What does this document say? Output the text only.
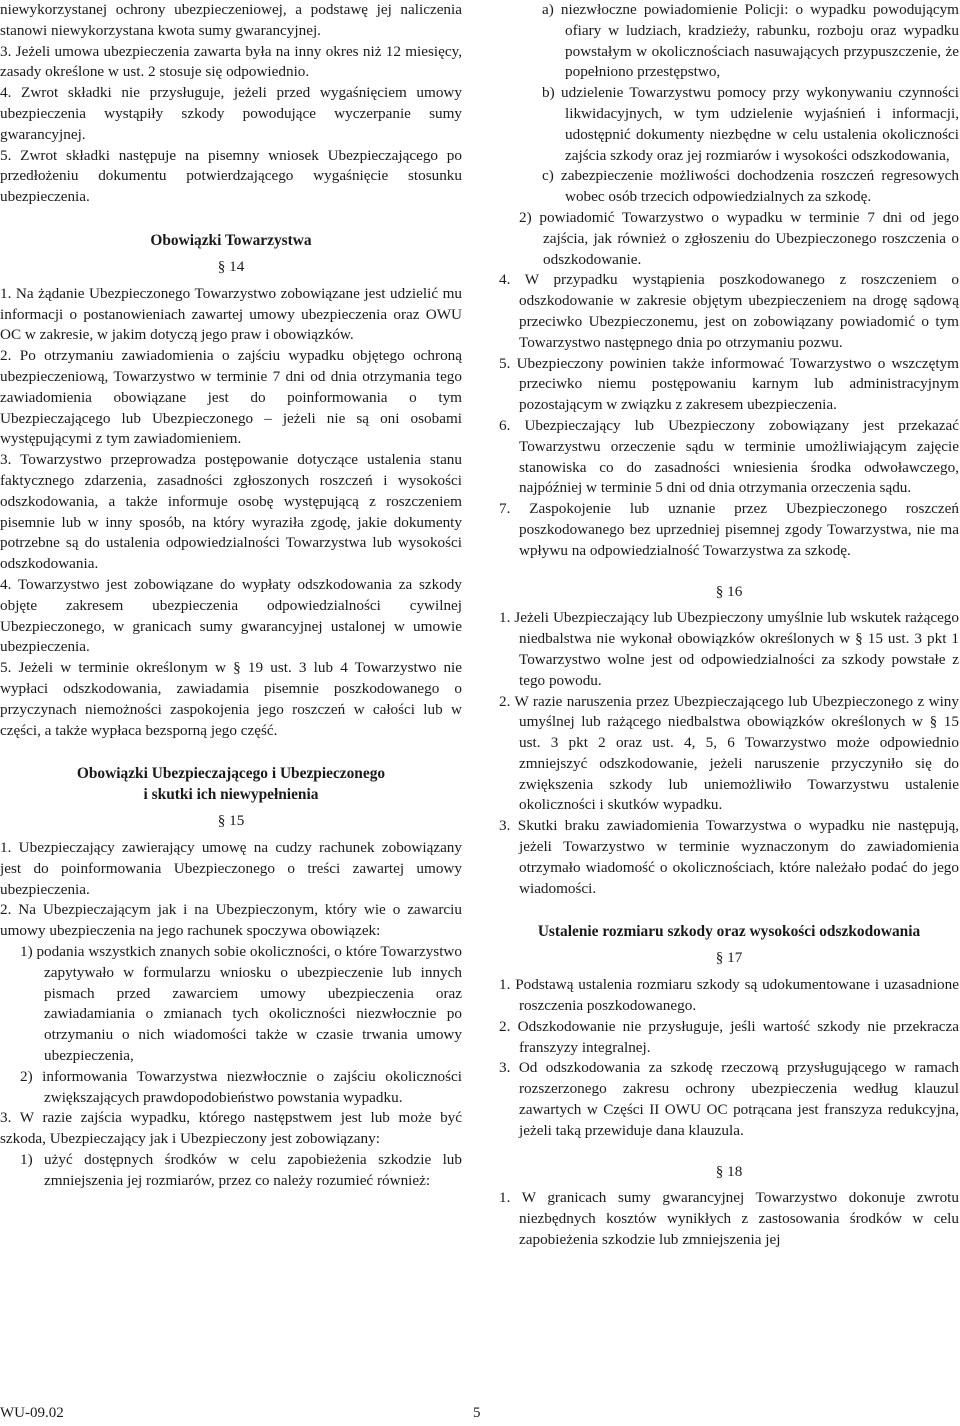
niewykorzystanej ochrony ubezpieczeniowej, a podstawę jej naliczenia stanowi niewykorzystana kwota sumy gwarancyjnej.

3. Jeżeli umowa ubezpieczenia zawarta była na inny okres niż 12 miesięcy, zasady określone w ust. 2 stosuje się odpowiednio.

4. Zwrot składki nie przysługuje, jeżeli przed wygaśnięciem umowy ubezpieczenia wystąpiły szkody powodujące wyczerpanie sumy gwarancyjnej.

5. Zwrot składki następuje na pisemny wniosek Ubezpieczającego po przedłożeniu dokumentu potwierdzającego wygaśnięcie stosunku ubezpieczenia.

Obowiązki Towarzystwa
§ 14

1. Na żądanie Ubezpieczonego Towarzystwo zobowiązane jest udzielić mu informacji o postanowieniach zawartej umowy ubezpieczenia oraz OWU OC w zakresie, w jakim dotyczą jego praw i obowiązków.

2. Po otrzymaniu zawiadomienia o zajściu wypadku objętego ochroną ubezpieczeniową, Towarzystwo w terminie 7 dni od dnia otrzymania tego zawiadomienia obowiązane jest do poinformowania o tym Ubezpieczającego lub Ubezpieczonego – jeżeli nie są oni osobami występującymi z tym zawiadomieniem.

3. Towarzystwo przeprowadza postępowanie dotyczące ustalenia stanu faktycznego zdarzenia, zasadności zgłoszonych roszczeń i wysokości odszkodowania, a także informuje osobę występującą z roszczeniem pisemnie lub w inny sposób, na który wyraziła zgodę, jakie dokumenty potrzebne są do ustalenia odpowiedzialności Towarzystwa lub wysokości odszkodowania.

4. Towarzystwo jest zobowiązane do wypłaty odszkodowania za szkody objęte zakresem ubezpieczenia odpowiedzialności cywilnej Ubezpieczonego, w granicach sumy gwarancyjnej ustalonej w umowie ubezpieczenia.

5. Jeżeli w terminie określonym w § 19 ust. 3 lub 4 Towarzystwo nie wypłaci odszkodowania, zawiadamia pisemnie poszkodowanego o przyczynach niemożności zaspokojenia jego roszczeń w całości lub w części, a także wypłaca bezsporną jego część.

Obowiązki Ubezpieczającego i Ubezpieczonego
i skutki ich niewypełnienia
§ 15

1. Ubezpieczający zawierający umowę na cudzy rachunek zobowiązany jest do poinformowania Ubezpieczonego o treści zawartej umowy ubezpieczenia.

2. Na Ubezpieczającym jak i na Ubezpieczonym, który wie o zawarciu umowy ubezpieczenia na jego rachunek spoczywa obowiązek:

1) podania wszystkich znanych sobie okoliczności, o które Towarzystwo zapytywało w formularzu wniosku o ubezpieczenie lub innych pismach przed zawarciem umowy ubezpieczenia oraz zawiadamiania o zmianach tych okoliczności niezwłocznie po otrzymaniu o nich wiadomości także w czasie trwania umowy ubezpieczenia,

2) informowania Towarzystwa niezwłocznie o zajściu okoliczności zwiększających prawdopodobieństwo powstania wypadku.

3. W razie zajścia wypadku, którego następstwem jest lub może być szkoda, Ubezpieczający jak i Ubezpieczony jest zobowiązany:

1) użyć dostępnych środków w celu zapobieżenia szkodzie lub zmniejszenia jej rozmiarów, przez co należy rozumieć również:

a) niezwłoczne powiadomienie Policji: o wypadku powodującym ofiary w ludziach, kradzieży, rabunku, rozboju oraz wypadku powstałym w okolicznościach nasuwających przypuszczenie, że popełniono przestępstwo,

b) udzielenie Towarzystwu pomocy przy wykonywaniu czynności likwidacyjnych, w tym udzielenie wyjaśnień i informacji, udostępnić dokumenty niezbędne w celu ustalenia okoliczności zajścia szkody oraz jej rozmiarów i wysokości odszkodowania,

c) zabezpieczenie możliwości dochodzenia roszczeń regresowych wobec osób trzecich odpowiedzialnych za szkodę.

2) powiadomić Towarzystwo o wypadku w terminie 7 dni od jego zajścia, jak również o zgłoszeniu do Ubezpieczonego roszczenia o odszkodowanie.

4. W przypadku wystąpienia poszkodowanego z roszczeniem o odszkodowanie w zakresie objętym ubezpieczeniem na drogę sądową przeciwko Ubezpieczonemu, jest on zobowiązany powiadomić o tym Towarzystwo następnego dnia po otrzymaniu pozwu.

5. Ubezpieczony powinien także informować Towarzystwo o wszczętym przeciwko niemu postępowaniu karnym lub administracyjnym pozostającym w związku z zakresem ubezpieczenia.

6. Ubezpieczający lub Ubezpieczony zobowiązany jest przekazać Towarzystwu orzeczenie sądu w terminie umożliwiającym zajęcie stanowiska co do zasadności wniesienia środka odwoławczego, najpóźniej w terminie 5 dni od dnia otrzymania orzeczenia sądu.

7. Zaspokojenie lub uznanie przez Ubezpieczonego roszczeń poszkodowanego bez uprzedniej pisemnej zgody Towarzystwa, nie ma wpływu na odpowiedzialność Towarzystwa za szkodę.

§ 16

1. Jeżeli Ubezpieczający lub Ubezpieczony umyślnie lub wskutek rażącego niedbalstwa nie wykonał obowiązków określonych w § 15 ust. 3 pkt 1 Towarzystwo wolne jest od odpowiedzialności za szkody powstałe z tego powodu.

2. W razie naruszenia przez Ubezpieczającego lub Ubezpieczonego z winy umyślnej lub rażącego niedbalstwa obowiązków określonych w § 15 ust. 3 pkt 2 oraz ust. 4, 5, 6 Towarzystwo może odpowiednio zmniejszyć odszkodowanie, jeżeli naruszenie przyczyniło się do zwiększenia szkody lub uniemożliwiło Towarzystwu ustalenie okoliczności i skutków wypadku.

3. Skutki braku zawiadomienia Towarzystwa o wypadku nie następują, jeżeli Towarzystwo w terminie wyznaczonym do zawiadomienia otrzymało wiadomość o okolicznościach, które należało podać do jego wiadomości.

Ustalenie rozmiaru szkody oraz wysokości odszkodowania
§ 17

1. Podstawą ustalenia rozmiaru szkody są udokumentowane i uzasadnione roszczenia poszkodowanego.

2. Odszkodowanie nie przysługuje, jeśli wartość szkody nie przekracza franszyzy integralnej.

3. Od odszkodowania za szkodę rzeczową przysługującego w ramach rozszerzonego zakresu ochrony ubezpieczenia według klauzul zawartych w Części II OWU OC potrącana jest franszyza redukcyjna, jeżeli taką przewiduje dana klauzula.

§ 18

1. W granicach sumy gwarancyjnej Towarzystwo dokonuje zwrotu niezbędnych kosztów wynikłych z zastosowania środków w celu zapobieżenia szkodzie lub zmniejszenia jej

WU-09.02	5
